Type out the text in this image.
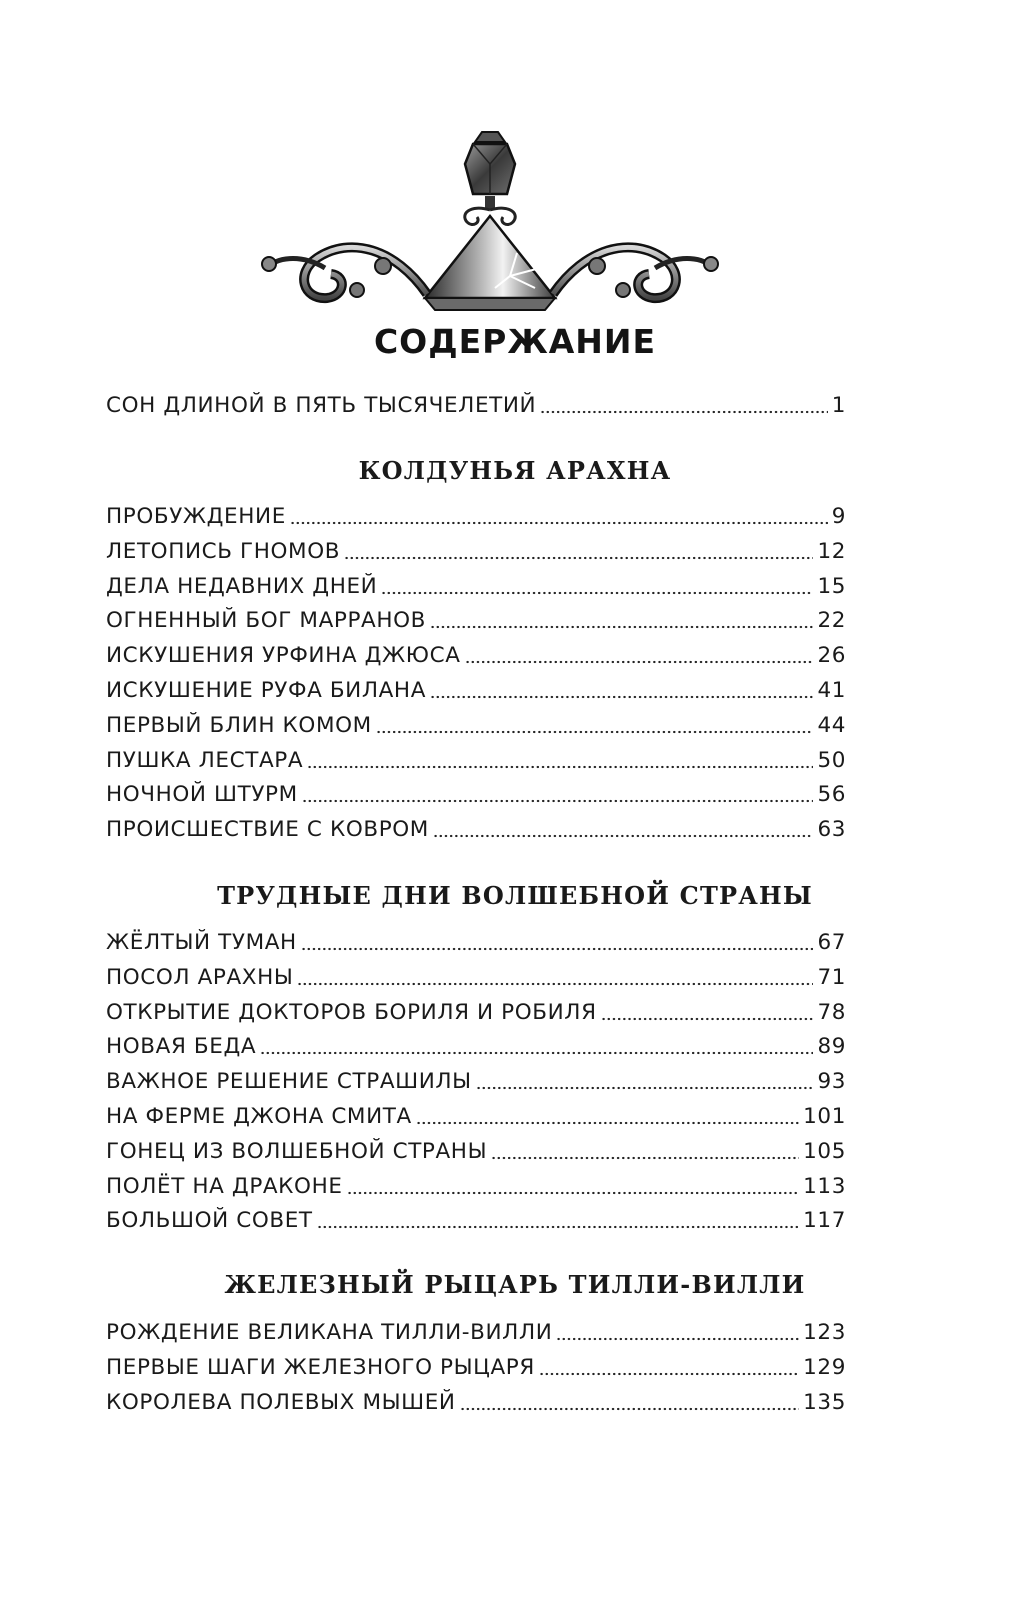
СОДЕРЖАНИЕ
СОН ДЛИНОЙ В ПЯТЬ ТЫСЯЧЕЛЕТИЙ	1
КОЛДУНЬЯ АРАХНА
ПРОБУЖДЕНИЕ	9
ЛЕТОПИСЬ ГНОМОВ	12
ДЕЛА НЕДАВНИХ ДНЕЙ	15
ОГНЕННЫЙ БОГ МАРРАНОВ	22
ИСКУШЕНИЯ УРФИНА ДЖЮСА	26
ИСКУШЕНИЕ РУФА БИЛАНА	41
ПЕРВЫЙ БЛИН КОМОМ	44
ПУШКА ЛЕСТАРА	50
НОЧНОЙ ШТУРМ	56
ПРОИСШЕСТВИЕ С КОВРОМ	63
ТРУДНЫЕ ДНИ ВОЛШЕБНОЙ СТРАНЫ
ЖЁЛТЫЙ ТУМАН	67
ПОСОЛ АРАХНЫ	71
ОТКРЫТИЕ ДОКТОРОВ БОРИЛЯ И РОБИЛЯ	78
НОВАЯ БЕДА	89
ВАЖНОЕ РЕШЕНИЕ СТРАШИЛЫ	93
НА ФЕРМЕ ДЖОНА СМИТА	101
ГОНЕЦ ИЗ ВОЛШЕБНОЙ СТРАНЫ	105
ПОЛЁТ НА ДРАКОНЕ	113
БОЛЬШОЙ СОВЕТ	117
ЖЕЛЕЗНЫЙ РЫЦАРЬ ТИЛЛИ-ВИЛЛИ
РОЖДЕНИЕ ВЕЛИКАНА ТИЛЛИ-ВИЛЛИ	123
ПЕРВЫЕ ШАГИ ЖЕЛЕЗНОГО РЫЦАРЯ	129
КОРОЛЕВА ПОЛЕВЫХ МЫШЕЙ	135
